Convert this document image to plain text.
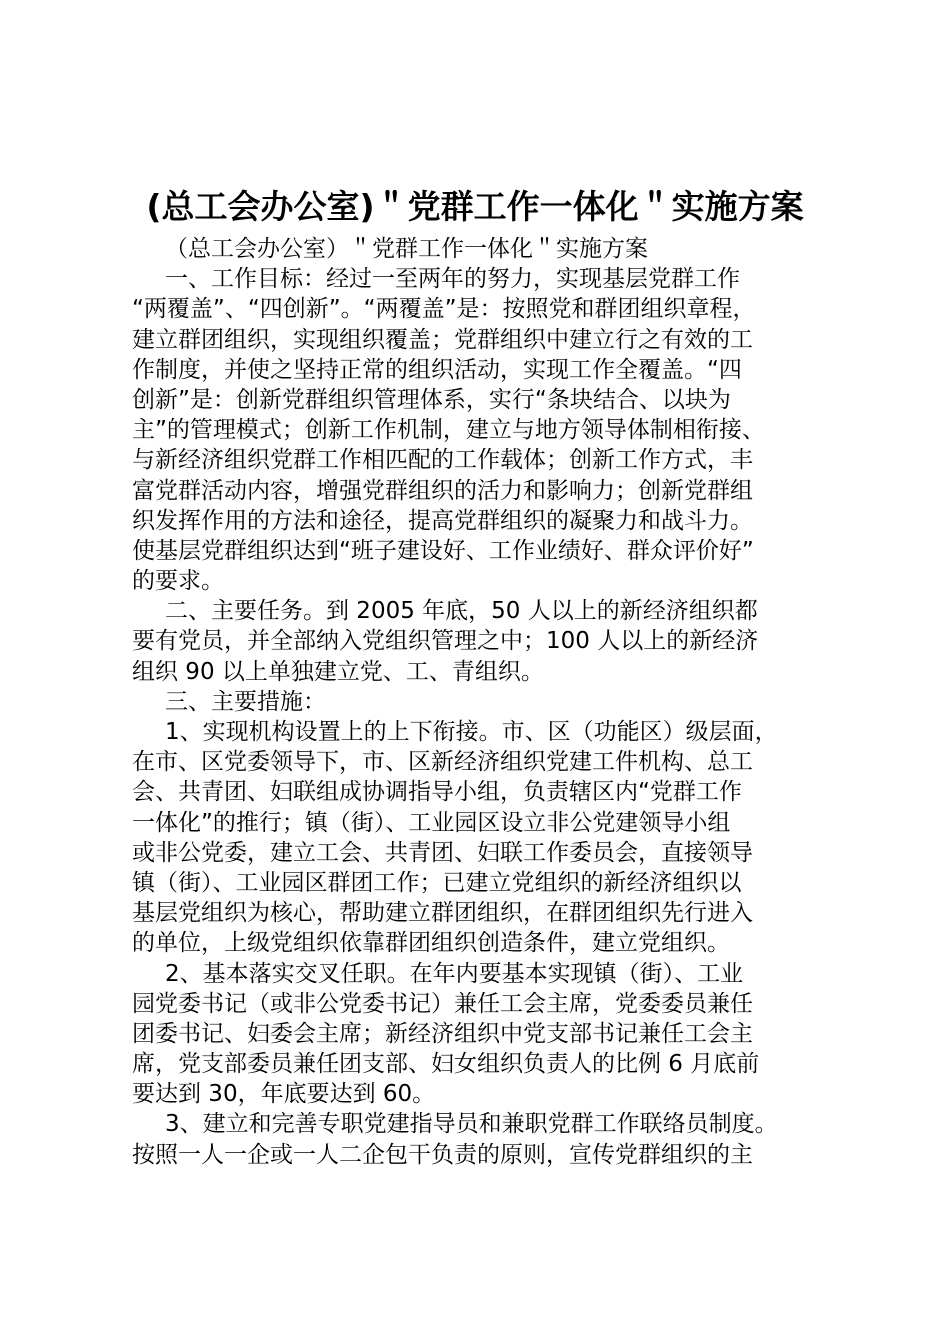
(总工会办公室)＂党群工作一体化＂实施方案
（总工会办公室）＂党群工作一体化＂实施方案
一、工作目标：经过一至两年的努力，实现基层党群工作
“两覆盖”、“四创新”。“两覆盖”是：按照党和群团组织章程，
建立群团组织，实现组织覆盖；党群组织中建立行之有效的工
作制度，并使之坚持正常的组织活动，实现工作全覆盖。“四
创新”是：创新党群组织管理体系，实行“条块结合、以块为
主”的管理模式；创新工作机制，建立与地方领导体制相衔接、
与新经济组织党群工作相匹配的工作载体；创新工作方式，丰
富党群活动内容，增强党群组织的活力和影响力；创新党群组
织发挥作用的方法和途径，提高党群组织的凝聚力和战斗力。
使基层党群组织达到“班子建设好、工作业绩好、群众评价好”
的要求。
二、主要任务。到 2005 年底，50 人以上的新经济组织都
要有党员，并全部纳入党组织管理之中；100 人以上的新经济
组织 90 以上单独建立党、工、青组织。
三、主要措施：
1、实现机构设置上的上下衔接。市、区（功能区）级层面，
在市、区党委领导下，市、区新经济组织党建工件机构、总工
会、共青团、妇联组成协调指导小组，负责辖区内“党群工作
一体化”的推行；镇（街）、工业园区设立非公党建领导小组
或非公党委，建立工会、共青团、妇联工作委员会，直接领导
镇（街）、工业园区群团工作；已建立党组织的新经济组织以
基层党组织为核心，帮助建立群团组织，在群团组织先行进入
的单位，上级党组织依靠群团组织创造条件，建立党组织。
2、基本落实交叉任职。在年内要基本实现镇（街）、工业
园党委书记（或非公党委书记）兼任工会主席，党委委员兼任
团委书记、妇委会主席；新经济组织中党支部书记兼任工会主
席，党支部委员兼任团支部、妇女组织负责人的比例 6 月底前
要达到 30，年底要达到 60。
3、建立和完善专职党建指导员和兼职党群工作联络员制度。
按照一人一企或一人二企包干负责的原则，宣传党群组织的主
